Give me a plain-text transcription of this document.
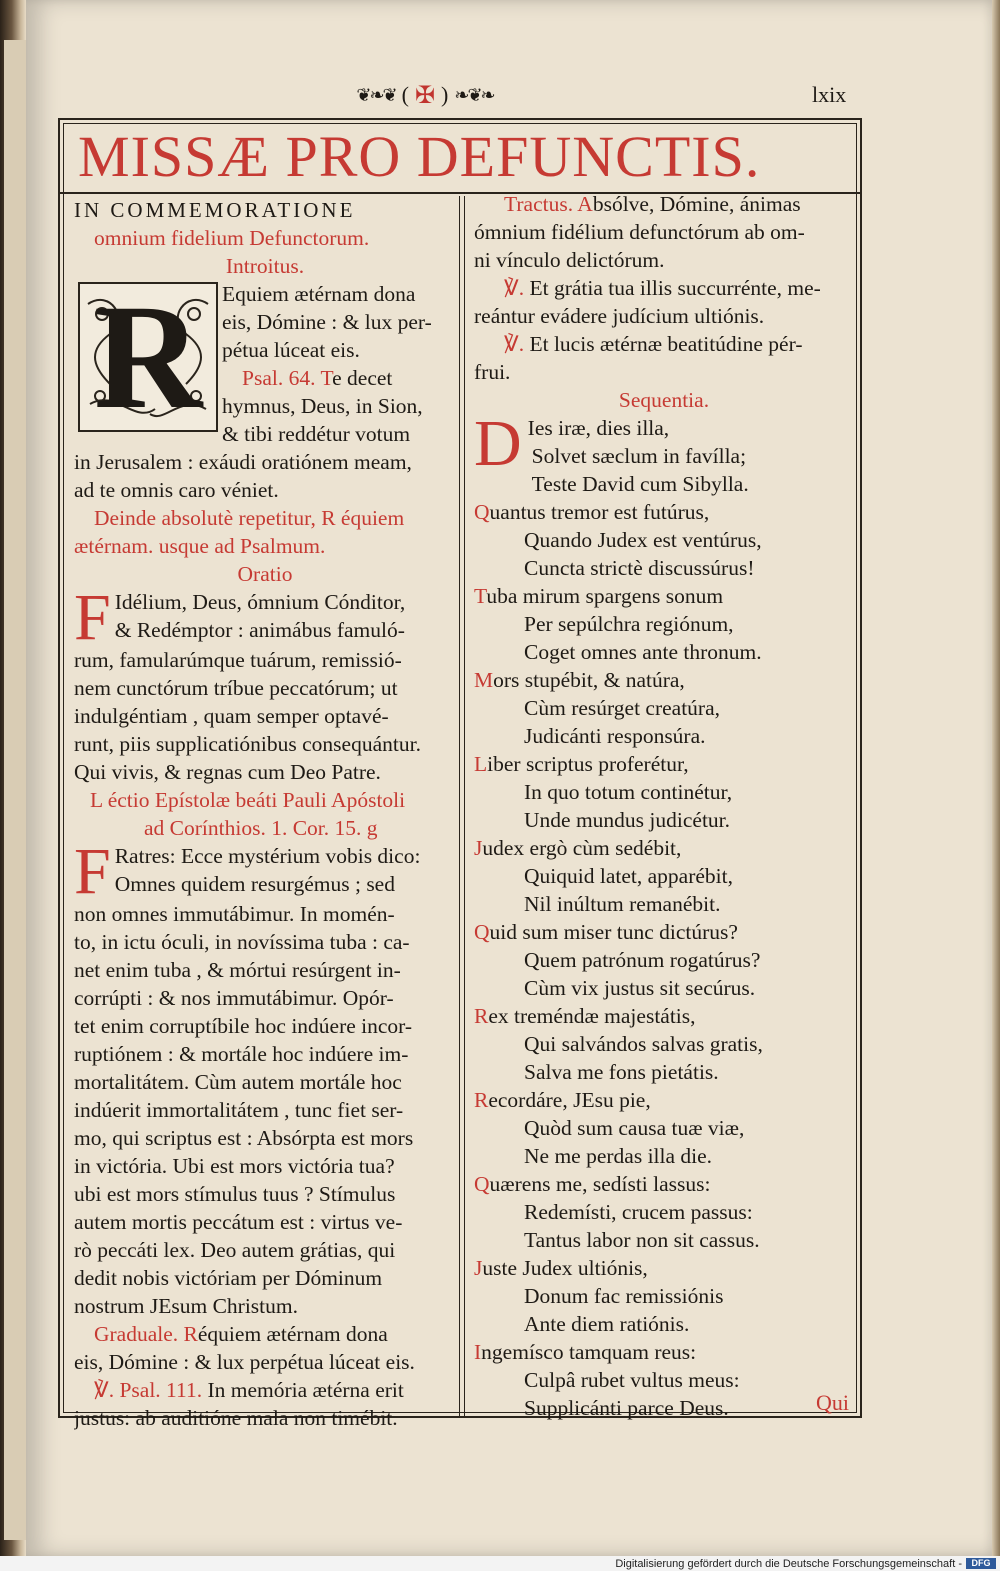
❦❧❦ ( ✠ ) ❧❦❧	lxix
MISSÆ PRO DEFUNCTIS.
IN COMMEMORATIONE
omnium fidelium Defunctorum.
Introitus.
Equiem ætérnam dona
eis, Dómine : & lux per-
pétua lúceat eis.
Psal. 64. Te decet
hymnus, Deus, in Sion,
& tibi reddétur votum
in Jerusalem : exáudi oratiónem meam,
ad te omnis caro véniet.
Deinde absolutè repetitur, R équiem
ætérnam. usque ad Psalmum.
Oratio
F Idélium, Deus, ómnium Cónditor,
& Redémptor : animábus famuló-
rum, famularúmque tuárum, remissió-
nem cunctórum tríbue peccatórum; ut
indulgéntiam , quam semper optavé-
runt, piis supplicatiónibus consequántur.
Qui vivis, & regnas cum Deo Patre.
L éctio Epístolæ beáti Pauli Apóstoli
ad Corínthios. 1. Cor. 15. g
F Ratres: Ecce mystérium vobis dico:
Omnes quidem resurgémus ; sed
non omnes immutábimur. In momén-
to, in ictu óculi, in novíssima tuba : ca-
net enim tuba , & mórtui resúrgent in-
corrúpti : & nos immutábimur. Opór-
tet enim corruptíbile hoc indúere incor-
ruptiónem : & mortále hoc indúere im-
mortalitátem. Cùm autem mortále hoc
indúerit immortalitátem , tunc fiet ser-
mo, qui scriptus est : Absórpta est mors
in victória. Ubi est mors victória tua?
ubi est mors stímulus tuus ? Stímulus
autem mortis peccátum est : virtus ve-
rò peccáti lex. Deo autem grátias, qui
dedit nobis victóriam per Dóminum
nostrum JEsum Christum.
Graduale. Réquiem ætérnam dona
eis, Dómine : & lux perpétua lúceat eis.
℣. Psal. 111. In memória ætérna erit
justus: ab auditióne mala non timébit.
R
Tractus. Absólve, Dómine, ánimas
ómnium fidélium defunctórum ab om-
ni vínculo delictórum.
℣. Et grátia tua illis succurrénte, me-
reántur evádere judícium ultiónis.
℣. Et lucis ætérnæ beatitúdine pér-
frui.
Sequentia.
D Ies iræ, dies illa,
Solvet sæclum in favílla;
Teste David cum Sibylla.
Quantus tremor est futúrus,
Quando Judex est ventúrus,
Cuncta strictè discussúrus!
Tuba mirum spargens sonum
Per sepúlchra regiónum,
Coget omnes ante thronum.
Mors stupébit, & natúra,
Cùm resúrget creatúra,
Judicánti responsúra.
Liber scriptus proferétur,
In quo totum continétur,
Unde mundus judicétur.
Judex ergò cùm sedébit,
Quiquid latet, apparébit,
Nil inúltum remanébit.
Quid sum miser tunc dictúrus?
Quem patrónum rogatúrus?
Cùm vix justus sit secúrus.
Rex treméndæ majestátis,
Qui salvándos salvas gratis,
Salva me fons pietátis.
Recordáre, JEsu pie,
Quòd sum causa tuæ viæ,
Ne me perdas illa die.
Quærens me, sedísti lassus:
Redemísti, crucem passus:
Tantus labor non sit cassus.
Juste Judex ultiónis,
Donum fac remissiónis
Ante diem ratiónis.
Ingemísco tamquam reus:
Culpâ rubet vultus meus:
Supplicánti parce Deus.	Qui
Digitalisierung gefördert durch die Deutsche Forschungsgemeinschaft -	DFG
